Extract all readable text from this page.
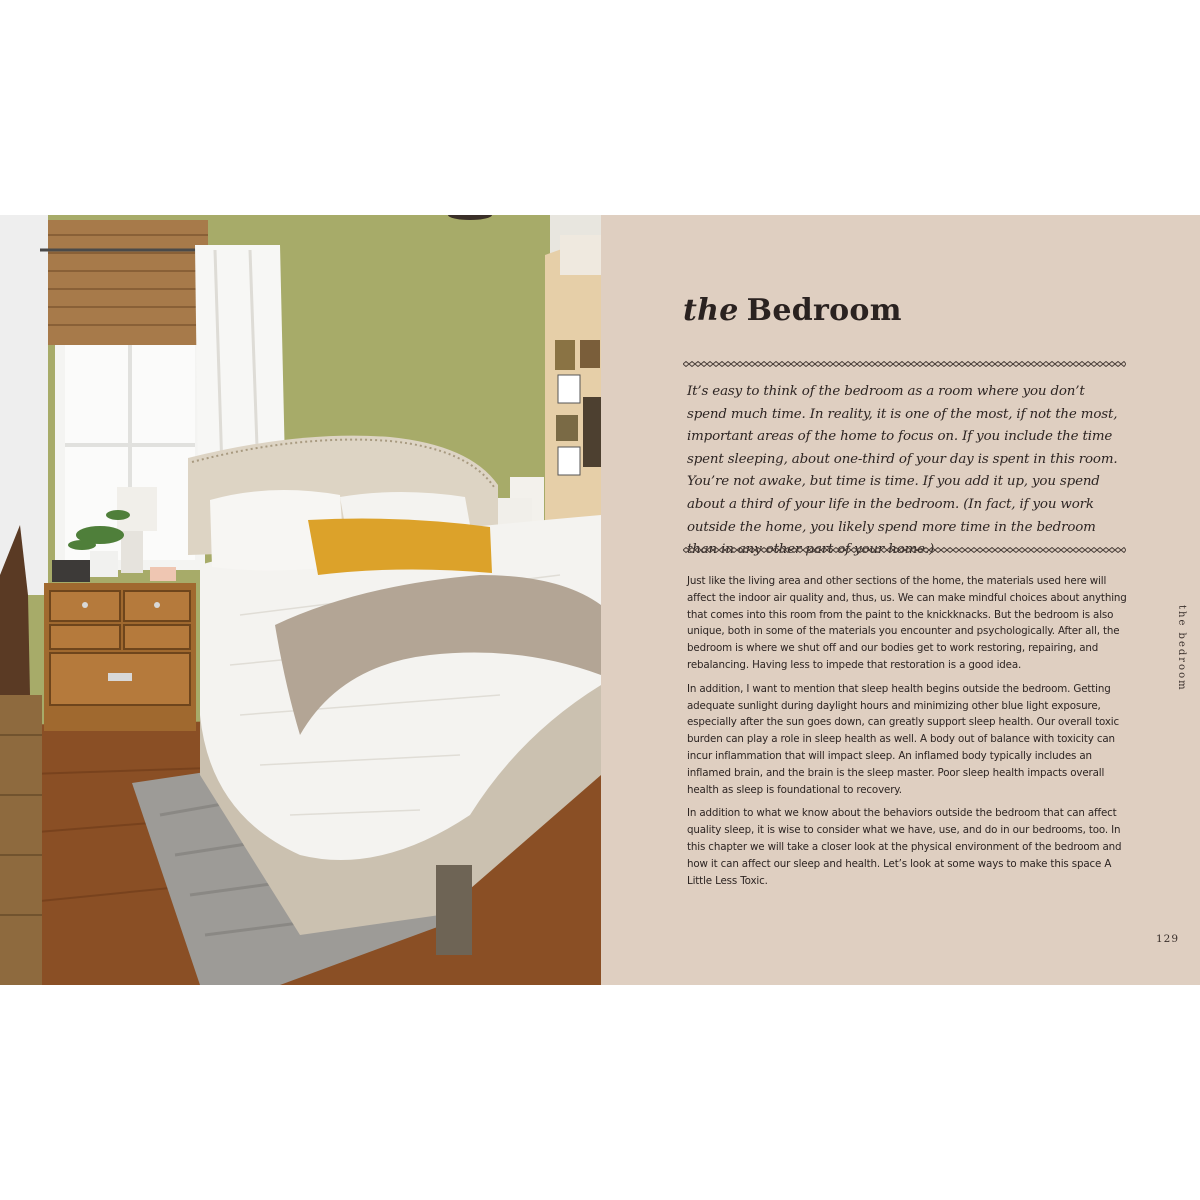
the Bedroom

It’s easy to think of the bedroom as a room where you don’t spend much time. In reality, it is one of the most, if not the most, important areas of the home to focus on. If you include the time spent sleeping, about one-third of your day is spent in this room. You’re not awake, but time is time. If you add it up, you spend about a third of your life in the bedroom. (In fact, if you work outside the home, you likely spend more time in the bedroom than in any other part of your home.)

Just like the living area and other sections of the home, the materials used here will affect the indoor air quality and, thus, us. We can make mindful choices about anything that comes into this room from the paint to the knickknacks. But the bedroom is also unique, both in some of the materials you encounter and psychologically. After all, the bedroom is where we shut off and our bodies get to work restoring, repairing, and rebalancing. Having less to impede that restoration is a good idea.

In addition, I want to mention that sleep health begins outside the bedroom. Getting adequate sunlight during daylight hours and minimizing other blue light exposure, especially after the sun goes down, can greatly support sleep health. Our overall toxic burden can play a role in sleep health as well. A body out of balance with toxicity can incur inflammation that will impact sleep. An inflamed body typically includes an inflamed brain, and the brain is the sleep master. Poor sleep health impacts overall health as sleep is foundational to recovery.

In addition to what we know about the behaviors outside the bedroom that can affect quality sleep, it is wise to consider what we have, use, and do in our bedrooms, too. In this chapter we will take a closer look at the physical environment of the bedroom and how it can affect our sleep and health. Let’s look at some ways to make this space A Little Less Toxic.

the bedroom
129
